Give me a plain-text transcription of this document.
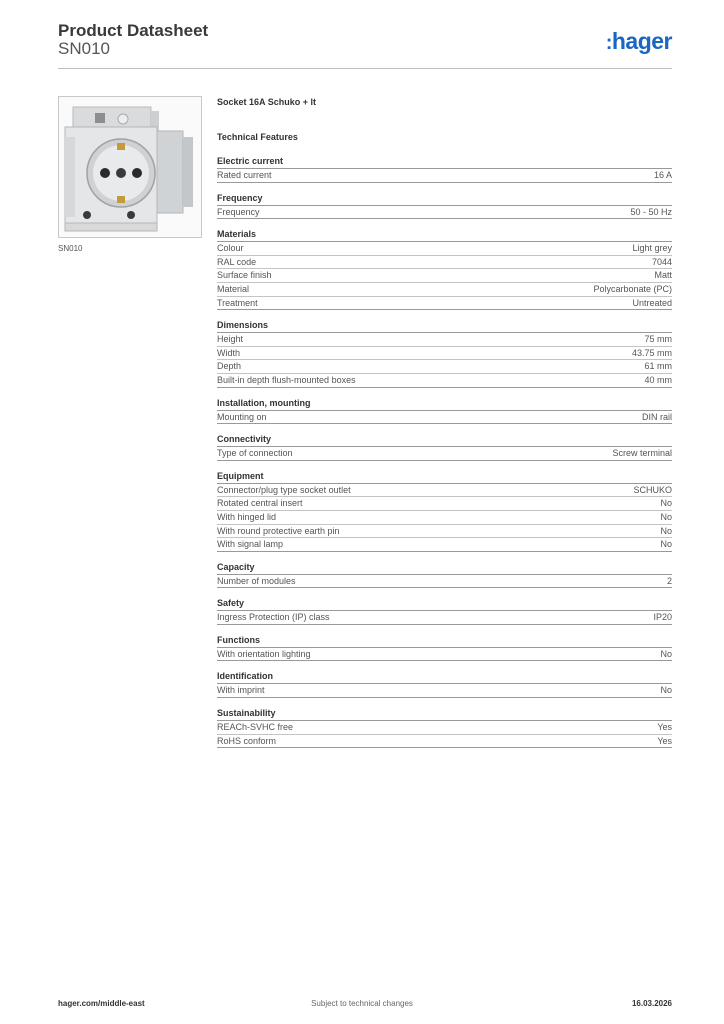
Product Datasheet
SN010	:hager
SN010
Socket 16A Schuko + lt
Technical Features
Electric current
Rated current	16 A
Frequency
Frequency	50 - 50 Hz
Materials
Colour	Light grey
RAL code	7044
Surface finish	Matt
Material	Polycarbonate (PC)
Treatment	Untreated
Dimensions
Height	75 mm
Width	43.75 mm
Depth	61 mm
Built-in depth flush-mounted boxes	40 mm
Installation, mounting
Mounting on	DIN rail
Connectivity
Type of connection	Screw terminal
Equipment
Connector/plug type socket outlet	SCHUKO
Rotated central insert	No
With hinged lid	No
With round protective earth pin	No
With signal lamp	No
Capacity
Number of modules	2
Safety
Ingress Protection (IP) class	IP20
Functions
With orientation lighting	No
Identification
With imprint	No
Sustainability
REACh-SVHC free	Yes
RoHS conform	Yes
hager.com/middle-east	Subject to technical changes	16.03.2026
